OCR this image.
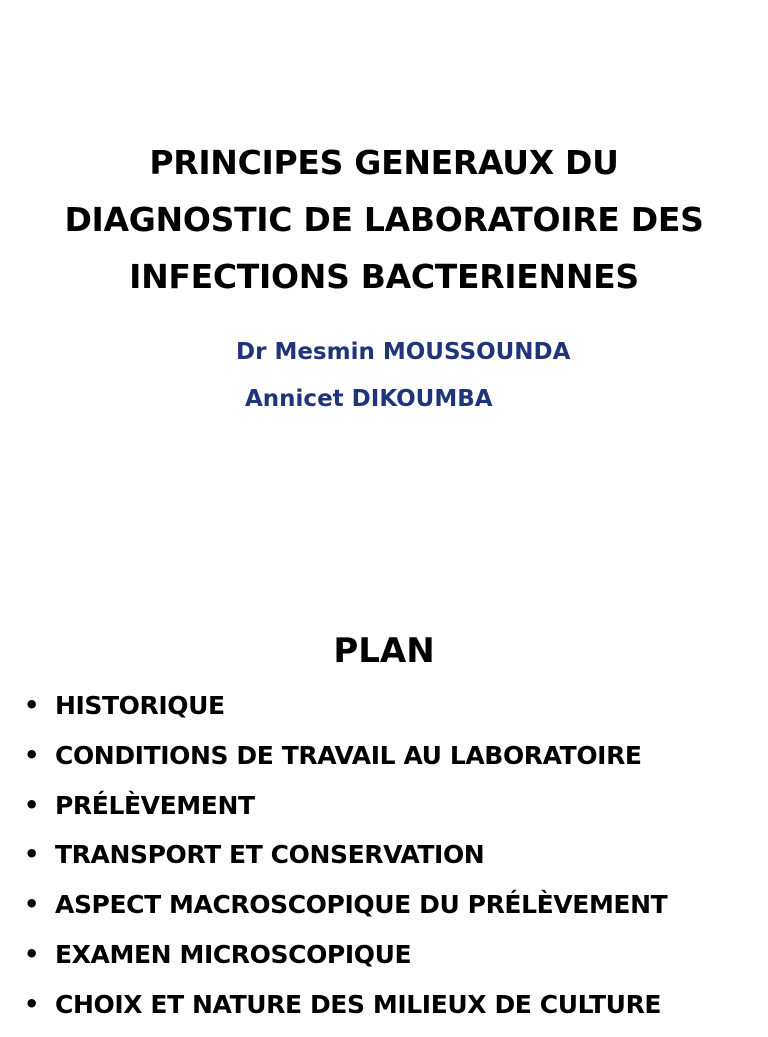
PRINCIPES GENERAUX DU
DIAGNOSTIC DE LABORATOIRE DES
INFECTIONS BACTERIENNES

Dr Mesmin MOUSSOUNDA

Annicet DIKOUMBA

PLAN
• HISTORIQUE
• CONDITIONS DE TRAVAIL AU LABORATOIRE
• PRÉLÈVEMENT
• TRANSPORT ET CONSERVATION
• ASPECT MACROSCOPIQUE DU PRÉLÈVEMENT
• EXAMEN MICROSCOPIQUE
• CHOIX ET NATURE DES MILIEUX DE CULTURE
